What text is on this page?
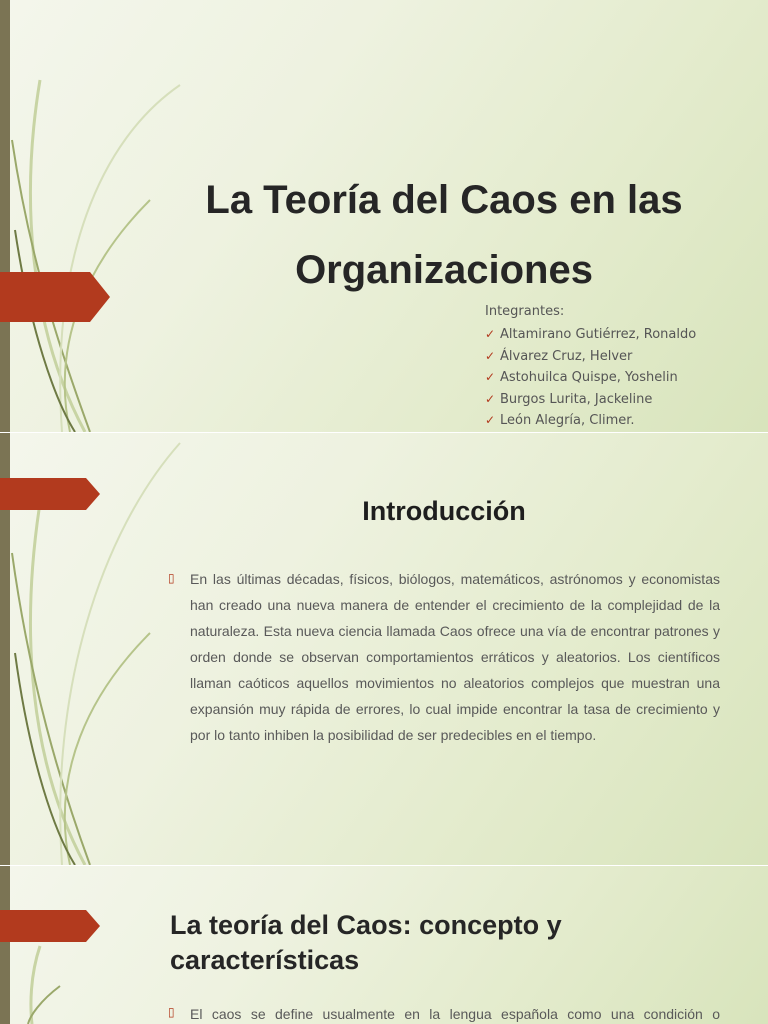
La Teoría del Caos en las
Organizaciones
Integrantes:
✓ Altamirano Gutiérrez, Ronaldo
✓ Álvarez Cruz, Helver
✓ Astohuilca Quispe, Yoshelin
✓ Burgos Lurita, Jackeline
✓ León Alegría, Climer.
Introducción
▯ En las últimas décadas, físicos, biólogos, matemáticos, astrónomos y economistas han creado una nueva manera de entender el crecimiento de la complejidad de la naturaleza. Esta nueva ciencia llamada Caos ofrece una vía de encontrar patrones y orden donde se observan comportamientos erráticos y aleatorios. Los científicos llaman caóticos aquellos movimientos no aleatorios complejos que muestran una expansión muy rápida de errores, lo cual impide encontrar la tasa de crecimiento y por lo tanto inhiben la posibilidad de ser predecibles en el tiempo.
La teoría del Caos: concepto y
características
▯ El caos se define usualmente en la lengua española como una condición o
